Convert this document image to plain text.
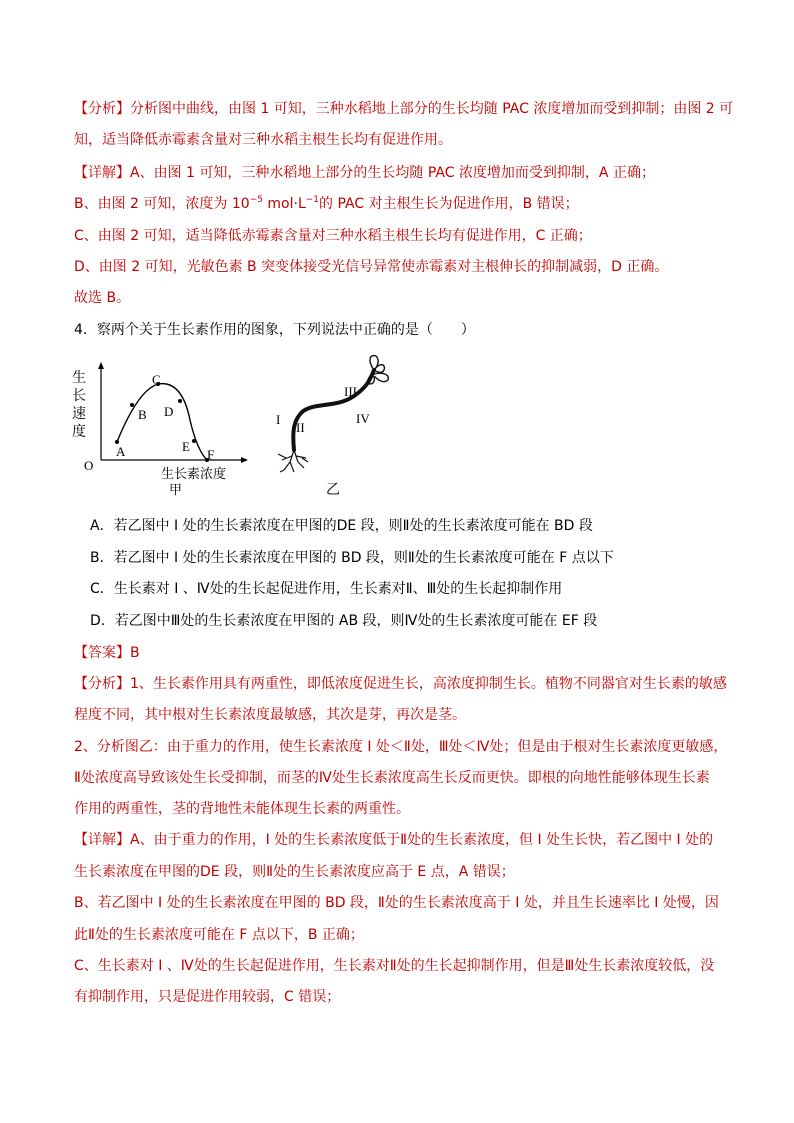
【分析】分析图中曲线，由图 1 可知，三种水稻地上部分的生长均随 PAC 浓度增加而受到抑制；由图 2 可
知，适当降低赤霉素含量对三种水稻主根生长均有促进作用。
【详解】A、由图 1 可知，三种水稻地上部分的生长均随 PAC 浓度增加而受到抑制，A 正确；
B、由图 2 可知，浓度为 $10^{-5}$ $mol\cdot L^{-1}$的 PAC 对主根生长为促进作用，B 错误；
C、由图 2 可知，适当降低赤霉素含量对三种水稻主根生长均有促进作用，C 正确；
D、由图 2 可知，光敏色素 B 突变体接受光信号异常使赤霉素对主根伸长的抑制减弱，D 正确。
故选 B。
4．察两个关于生长素作用的图象，下列说法中正确的是（　　）
生
长
速
度
O
A
B
C
D
E
F
生长素浓度
甲
I
II
III
IV
乙
A．若乙图中 I 处的生长素浓度在甲图的DE 段，则Ⅱ处的生长素浓度可能在 BD 段
B．若乙图中 I 处的生长素浓度在甲图的 BD 段，则Ⅱ处的生长素浓度可能在 F 点以下
C．生长素对 I 、Ⅳ处的生长起促进作用，生长素对Ⅱ、Ⅲ处的生长起抑制作用
D．若乙图中Ⅲ处的生长素浓度在甲图的 AB 段，则Ⅳ处的生长素浓度可能在 EF 段
【答案】B
【分析】1、生长素作用具有两重性，即低浓度促进生长，高浓度抑制生长。植物不同器官对生长素的敏感
程度不同，其中根对生长素浓度最敏感，其次是芽，再次是茎。
2、分析图乙：由于重力的作用，使生长素浓度 I 处＜Ⅱ处，Ⅲ处＜Ⅳ处；但是由于根对生长素浓度更敏感，
Ⅱ处浓度高导致该处生长受抑制，而茎的Ⅳ处生长素浓度高生长反而更快。即根的向地性能够体现生长素
作用的两重性，茎的背地性未能体现生长素的两重性。
【详解】A、由于重力的作用，I 处的生长素浓度低于Ⅱ处的生长素浓度，但 I 处生长快，若乙图中 I 处的
生长素浓度在甲图的DE 段，则Ⅱ处的生长素浓度应高于 E 点，A 错误；
B、若乙图中 I 处的生长素浓度在甲图的 BD 段，Ⅱ处的生长素浓度高于 I 处，并且生长速率比 I 处慢，因
此Ⅱ处的生长素浓度可能在 F 点以下，B 正确；
C、生长素对 I 、Ⅳ处的生长起促进作用，生长素对Ⅱ处的生长起抑制作用，但是Ⅲ处生长素浓度较低，没
有抑制作用，只是促进作用较弱，C 错误；
